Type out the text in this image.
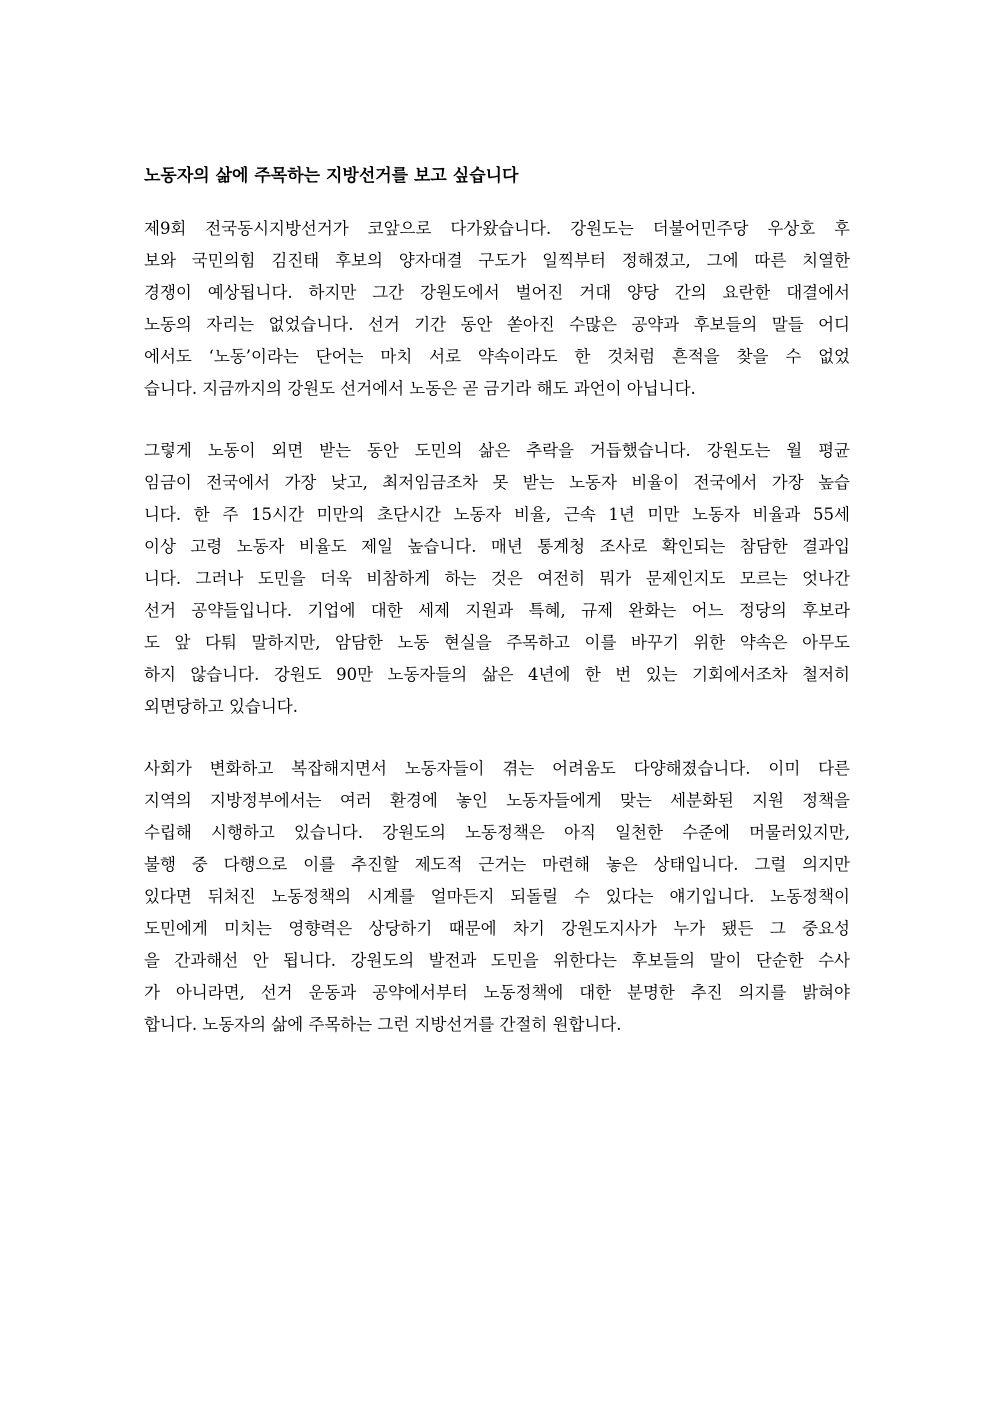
노동자의 삶에 주목하는 지방선거를 보고 싶습니다
제9회 전국동시지방선거가 코앞으로 다가왔습니다. 강원도는 더불어민주당 우상호 후
보와 국민의힘 김진태 후보의 양자대결 구도가 일찍부터 정해졌고, 그에 따른 치열한
경쟁이 예상됩니다. 하지만 그간 강원도에서 벌어진 거대 양당 간의 요란한 대결에서
노동의 자리는 없었습니다. 선거 기간 동안 쏟아진 수많은 공약과 후보들의 말들 어디
에서도 ‘노동’이라는 단어는 마치 서로 약속이라도 한 것처럼 흔적을 찾을 수 없었
습니다. 지금까지의 강원도 선거에서 노동은 곧 금기라 해도 과언이 아닙니다.
그렇게 노동이 외면 받는 동안 도민의 삶은 추락을 거듭했습니다. 강원도는 월 평균
임금이 전국에서 가장 낮고, 최저임금조차 못 받는 노동자 비율이 전국에서 가장 높습
니다. 한 주 15시간 미만의 초단시간 노동자 비율, 근속 1년 미만 노동자 비율과 55세
이상 고령 노동자 비율도 제일 높습니다. 매년 통계청 조사로 확인되는 참담한 결과입
니다. 그러나 도민을 더욱 비참하게 하는 것은 여전히 뭐가 문제인지도 모르는 엇나간
선거 공약들입니다. 기업에 대한 세제 지원과 특혜, 규제 완화는 어느 정당의 후보라
도 앞 다퉈 말하지만, 암담한 노동 현실을 주목하고 이를 바꾸기 위한 약속은 아무도
하지 않습니다. 강원도 90만 노동자들의 삶은 4년에 한 번 있는 기회에서조차 철저히
외면당하고 있습니다.
사회가 변화하고 복잡해지면서 노동자들이 겪는 어려움도 다양해졌습니다. 이미 다른
지역의 지방정부에서는 여러 환경에 놓인 노동자들에게 맞는 세분화된 지원 정책을
수립해 시행하고 있습니다. 강원도의 노동정책은 아직 일천한 수준에 머물러있지만,
불행 중 다행으로 이를 추진할 제도적 근거는 마련해 놓은 상태입니다. 그럴 의지만
있다면 뒤처진 노동정책의 시계를 얼마든지 되돌릴 수 있다는 얘기입니다. 노동정책이
도민에게 미치는 영향력은 상당하기 때문에 차기 강원도지사가 누가 됐든 그 중요성
을 간과해선 안 됩니다. 강원도의 발전과 도민을 위한다는 후보들의 말이 단순한 수사
가 아니라면, 선거 운동과 공약에서부터 노동정책에 대한 분명한 추진 의지를 밝혀야
합니다. 노동자의 삶에 주목하는 그런 지방선거를 간절히 원합니다.
